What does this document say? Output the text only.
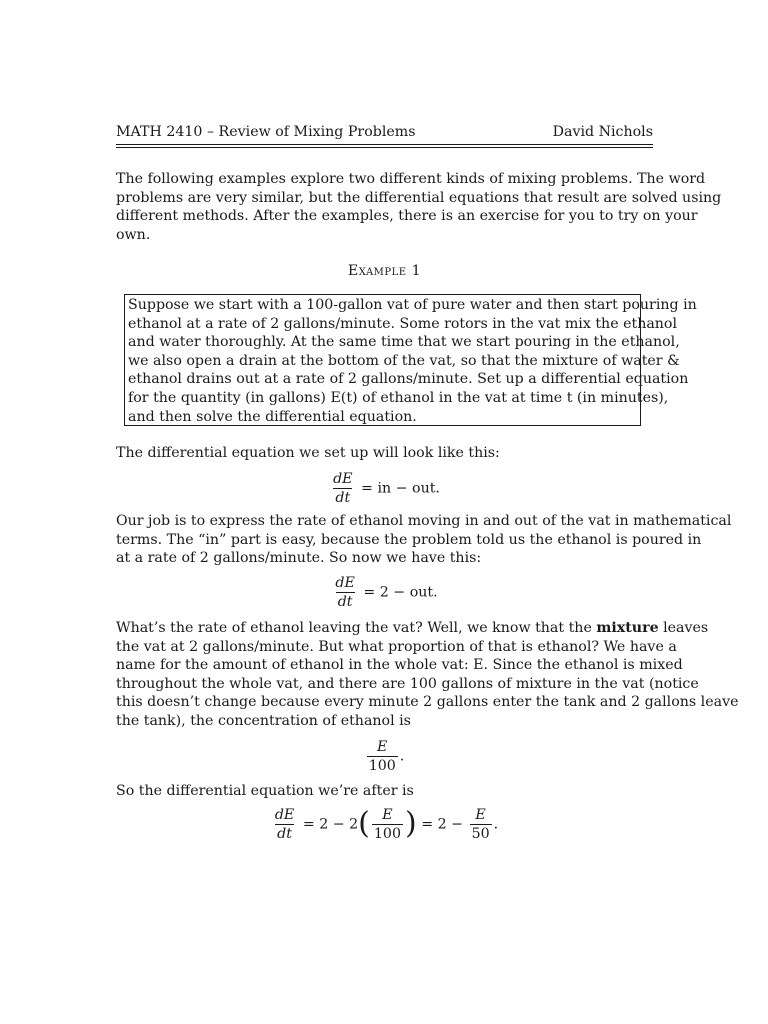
MATH 2410 – Review of Mixing Problems	David Nichols
The following examples explore two different kinds of mixing problems. The word
problems are very similar, but the differential equations that result are solved using
different methods. After the examples, there is an exercise for you to try on your
own.
Example 1
Suppose we start with a 100-gallon vat of pure water and then start pouring in
ethanol at a rate of 2 gallons/minute. Some rotors in the vat mix the ethanol
and water thoroughly. At the same time that we start pouring in the ethanol,
we also open a drain at the bottom of the vat, so that the mixture of water &
ethanol drains out at a rate of 2 gallons/minute. Set up a differential equation
for the quantity (in gallons) E(t) of ethanol in the vat at time t (in minutes),
and then solve the differential equation.
The differential equation we set up will look like this:
$\frac{dE}{dt}$ = in − out.
Our job is to express the rate of ethanol moving in and out of the vat in mathematical
terms. The “in” part is easy, because the problem told us the ethanol is poured in
at a rate of 2 gallons/minute. So now we have this:
$\frac{dE}{dt} = 2$ − out.
What’s the rate of ethanol leaving the vat? Well, we know that the mixture leaves
the vat at 2 gallons/minute. But what proportion of that is ethanol? We have a
name for the amount of ethanol in the whole vat: E. Since the ethanol is mixed
throughout the whole vat, and there are 100 gallons of mixture in the vat (notice
this doesn’t change because every minute 2 gallons enter the tank and 2 gallons leave
the tank), the concentration of ethanol is
$\frac{E}{100}$ .
So the differential equation we’re after is
$\frac{dE}{dt} = 2 - 2( \frac{E}{100}$ ) = $2 - \frac{E}{50}$ .
